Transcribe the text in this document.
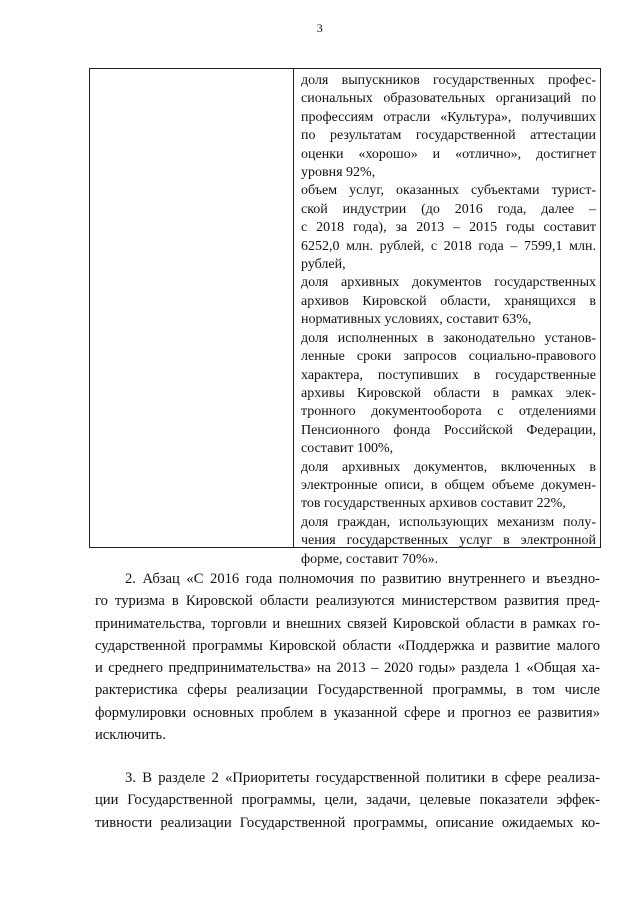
3
доля выпускников государственных профес-
сиональных образовательных организаций по
профессиям отрасли «Культура», получивших
по результатам государственной аттестации
оценки «хорошо» и «отлично», достигнет
уровня 92%,
объем услуг, оказанных субъектами турист-
ской индустрии (до 2016 года, далее –
с 2018 года), за 2013 – 2015 годы составит
6252,0 млн. рублей, с 2018 года – 7599,1 млн.
рублей,
доля архивных документов государственных
архивов Кировской области, хранящихся в
нормативных условиях, составит 63%,
доля исполненных в законодательно установ-
ленные сроки запросов социально-правового
характера, поступивших в государственные
архивы Кировской области в рамках элек-
тронного документооборота с отделениями
Пенсионного фонда Российской Федерации,
составит 100%,
доля архивных документов, включенных в
электронные описи, в общем объеме докумен-
тов государственных архивов составит 22%,
доля граждан, использующих механизм полу-
чения государственных услуг в электронной
форме, составит 70%».
2. Абзац «С 2016 года полномочия по развитию внутреннего и въездно-
го туризма в Кировской области реализуются министерством развития пред-
принимательства, торговли и внешних связей Кировской области в рамках го-
сударственной программы Кировской области «Поддержка и развитие малого
и среднего предпринимательства» на 2013 – 2020 годы» раздела 1 «Общая ха-
рактеристика сферы реализации Государственной программы, в том числе
формулировки основных проблем в указанной сфере и прогноз ее развития»
исключить.
3. В разделе 2 «Приоритеты государственной политики в сфере реализа-
ции Государственной программы, цели, задачи, целевые показатели эффек-
тивности реализации Государственной программы, описание ожидаемых ко-
